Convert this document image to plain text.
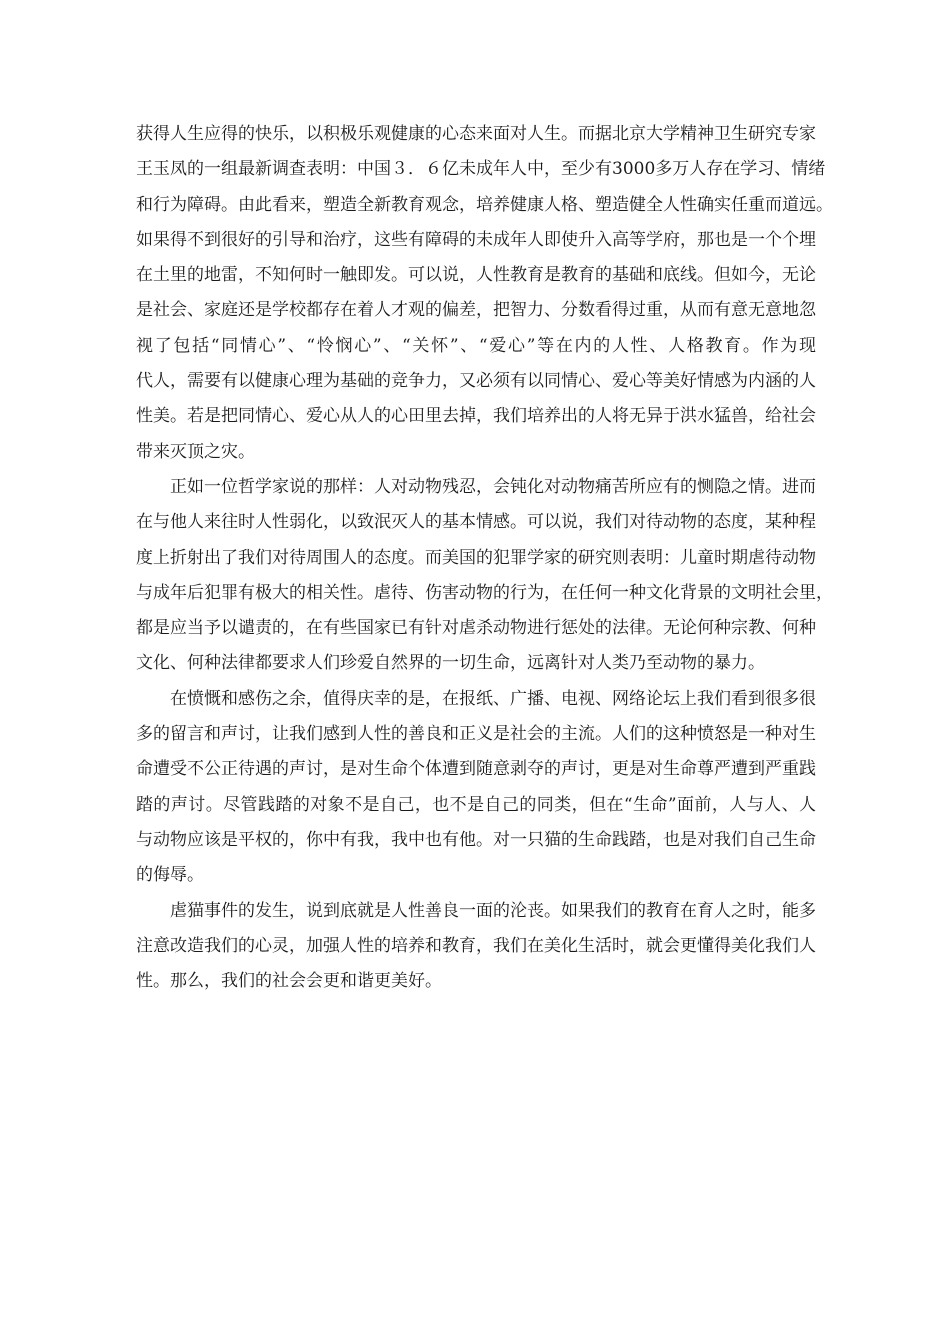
获得人生应得的快乐，以积极乐观健康的心态来面对人生。而据北京大学精神卫生研究专家
王玉凤的一组最新调查表明：中国３．６亿未成年人中，至少有3000多万人存在学习、情绪
和行为障碍。由此看来，塑造全新教育观念，培养健康人格、塑造健全人性确实任重而道远。
如果得不到很好的引导和治疗，这些有障碍的未成年人即使升入高等学府，那也是一个个埋
在土里的地雷，不知何时一触即发。可以说，人性教育是教育的基础和底线。但如今，无论
是社会、家庭还是学校都存在着人才观的偏差，把智力、分数看得过重，从而有意无意地忽
视了包括“同情心”、“怜悯心”、“关怀”、“爱心”等在内的人性、人格教育。作为现
代人，需要有以健康心理为基础的竞争力，又必须有以同情心、爱心等美好情感为内涵的人
性美。若是把同情心、爱心从人的心田里去掉，我们培养出的人将无异于洪水猛兽，给社会
带来灭顶之灾。
正如一位哲学家说的那样：人对动物残忍，会钝化对动物痛苦所应有的恻隐之情。进而
在与他人来往时人性弱化，以致泯灭人的基本情感。可以说，我们对待动物的态度，某种程
度上折射出了我们对待周围人的态度。而美国的犯罪学家的研究则表明：儿童时期虐待动物
与成年后犯罪有极大的相关性。虐待、伤害动物的行为，在任何一种文化背景的文明社会里，
都是应当予以谴责的，在有些国家已有针对虐杀动物进行惩处的法律。无论何种宗教、何种
文化、何种法律都要求人们珍爱自然界的一切生命，远离针对人类乃至动物的暴力。
在愤慨和感伤之余，值得庆幸的是，在报纸、广播、电视、网络论坛上我们看到很多很
多的留言和声讨，让我们感到人性的善良和正义是社会的主流。人们的这种愤怒是一种对生
命遭受不公正待遇的声讨，是对生命个体遭到随意剥夺的声讨，更是对生命尊严遭到严重践
踏的声讨。尽管践踏的对象不是自己，也不是自己的同类，但在“生命”面前，人与人、人
与动物应该是平权的，你中有我，我中也有他。对一只猫的生命践踏，也是对我们自己生命
的侮辱。
虐猫事件的发生，说到底就是人性善良一面的沦丧。如果我们的教育在育人之时，能多
注意改造我们的心灵，加强人性的培养和教育，我们在美化生活时，就会更懂得美化我们人
性。那么，我们的社会会更和谐更美好。
